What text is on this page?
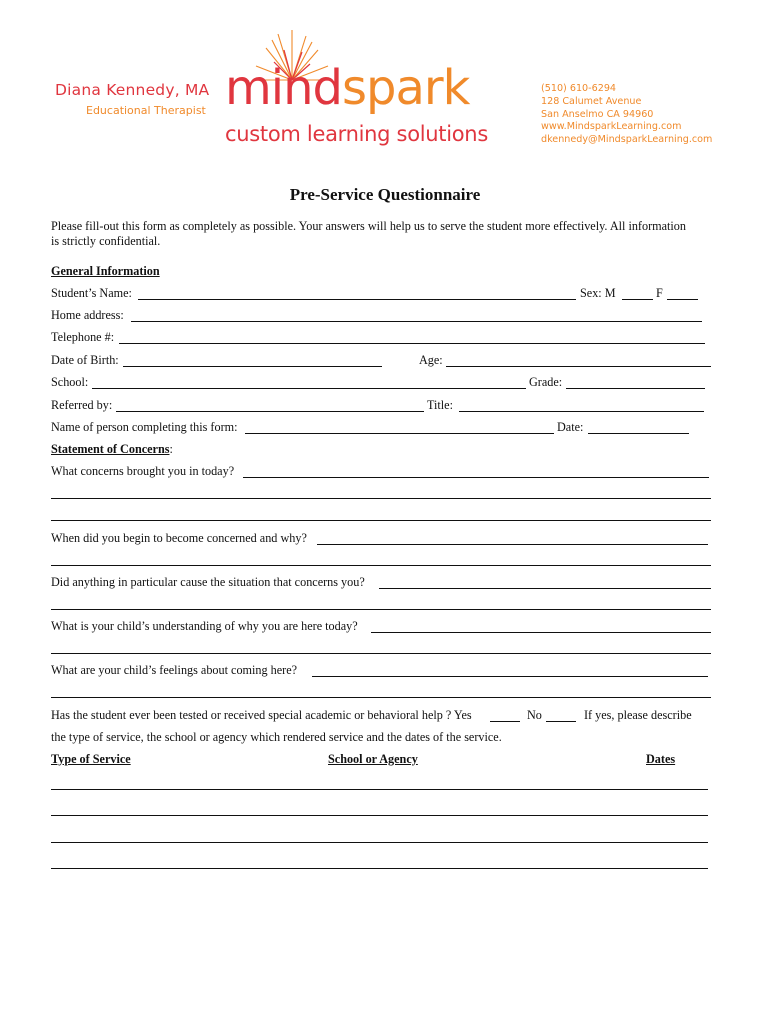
Diana Kennedy, MA
Educational Therapist mindspark
custom learning solutions
(510) 610-6294
128 Calumet Avenue
San Anselmo CA 94960
www.MindsparkLearning.com
dkennedy@MindsparkLearning.com
Pre-Service Questionnaire
Please fill-out this form as completely as possible. Your answers will help us to serve the student more effectively. All information is strictly confidential.
General Information
Student’s Name:	Sex: M	F
Home address:
Telephone #:
Date of Birth:	Age:
School:	Grade:
Referred by:	Title:
Name of person completing this form:	Date:
Statement of Concerns:
What concerns brought you in today?
When did you begin to become concerned and why?
Did anything in particular cause the situation that concerns you?
What is your child’s understanding of why you are here today?
What are your child’s feelings about coming here?
Has the student ever been tested or received special academic or behavioral help ? Yes	No	If yes, please describe
the type of service, the school or agency which rendered service and the dates of the service.
Type of Service	School or Agency	Dates
